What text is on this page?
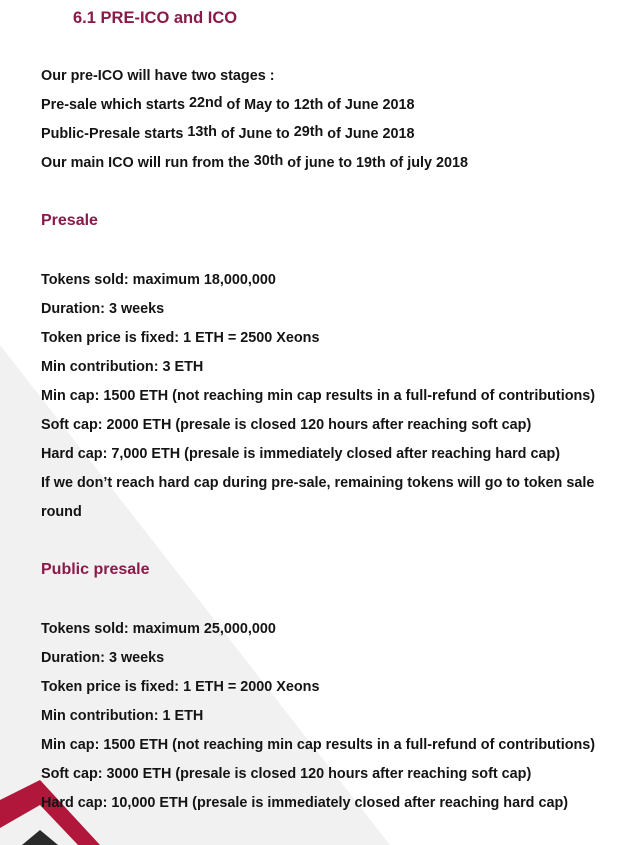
6.1 PRE-ICO and ICO

Our pre-ICO will have two stages :

Pre-sale which starts 22nd of May to 12th of June 2018

Public-Presale starts 13th of June to 29th of June 2018

Our main ICO will run from the 30th of june to 19th of july 2018

Presale

Tokens sold: maximum 18,000,000

Duration: 3 weeks

Token price is fixed: 1 ETH = 2500 Xeons

Min contribution: 3 ETH

Min cap: 1500 ETH (not reaching min cap results in a full-refund of contributions)

Soft cap: 2000 ETH (presale is closed 120 hours after reaching soft cap)

Hard cap: 7,000 ETH (presale is immediately closed after reaching hard cap)

If we don’t reach hard cap during pre-sale, remaining tokens will go to token sale

round

Public presale

Tokens sold: maximum 25,000,000

Duration: 3 weeks

Token price is fixed: 1 ETH = 2000 Xeons

Min contribution: 1 ETH

Min cap: 1500 ETH (not reaching min cap results in a full-refund of contributions)

Soft cap: 3000 ETH (presale is closed 120 hours after reaching soft cap)

Hard cap: 10,000 ETH (presale is immediately closed after reaching hard cap)
